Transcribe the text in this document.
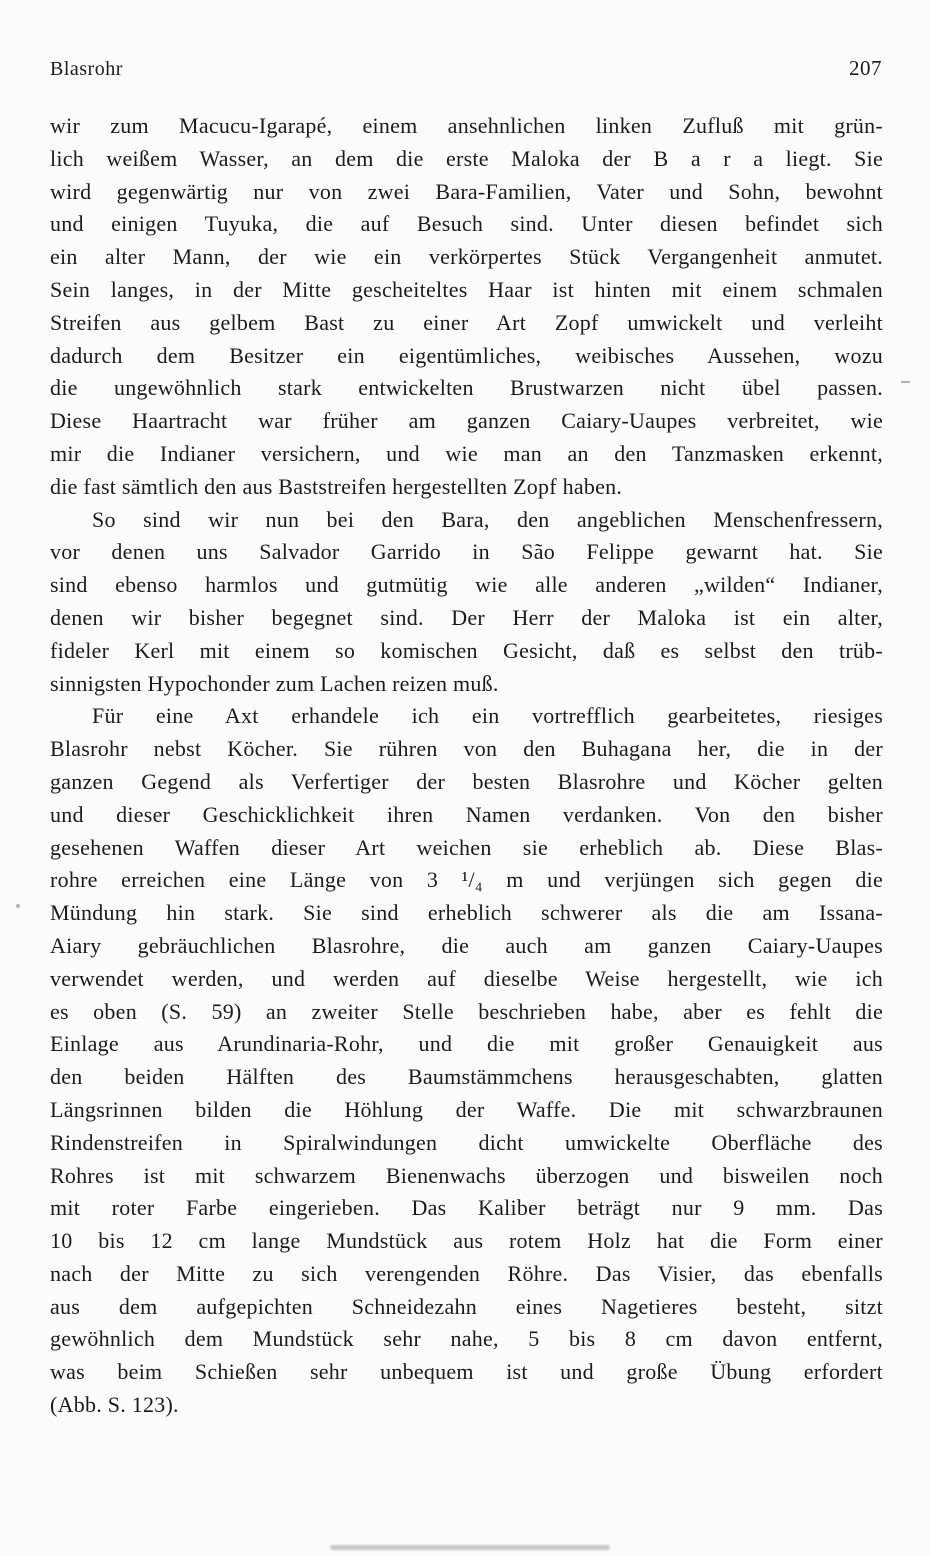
Blasrohr	207
wir zum Macucu-Igarapé, einem ansehnlichen linken Zufluß mit grün-
lich weißem Wasser, an dem die erste Maloka der B a r a liegt. Sie
wird gegenwärtig nur von zwei Bara-Familien, Vater und Sohn, bewohnt
und einigen Tuyuka, die auf Besuch sind. Unter diesen befindet sich
ein alter Mann, der wie ein verkörpertes Stück Vergangenheit anmutet.
Sein langes, in der Mitte gescheiteltes Haar ist hinten mit einem schmalen
Streifen aus gelbem Bast zu einer Art Zopf umwickelt und verleiht
dadurch dem Besitzer ein eigentümliches, weibisches Aussehen, wozu
die ungewöhnlich stark entwickelten Brustwarzen nicht übel passen.
Diese Haartracht war früher am ganzen Caiary-Uaupes verbreitet, wie
mir die Indianer versichern, und wie man an den Tanzmasken erkennt,
die fast sämtlich den aus Baststreifen hergestellten Zopf haben.
So sind wir nun bei den Bara, den angeblichen Menschenfressern,
vor denen uns Salvador Garrido in São Felippe gewarnt hat. Sie
sind ebenso harmlos und gutmütig wie alle anderen „wilden“ Indianer,
denen wir bisher begegnet sind. Der Herr der Maloka ist ein alter,
fideler Kerl mit einem so komischen Gesicht, daß es selbst den trüb-
sinnigsten Hypochonder zum Lachen reizen muß.
Für eine Axt erhandele ich ein vortrefflich gearbeitetes, riesiges
Blasrohr nebst Köcher. Sie rühren von den Buhagana her, die in der
ganzen Gegend als Verfertiger der besten Blasrohre und Köcher gelten
und dieser Geschicklichkeit ihren Namen verdanken. Von den bisher
gesehenen Waffen dieser Art weichen sie erheblich ab. Diese Blas-
rohre erreichen eine Länge von 3 ¹/₄ m und verjüngen sich gegen die
Mündung hin stark. Sie sind erheblich schwerer als die am Issana-
Aiary gebräuchlichen Blasrohre, die auch am ganzen Caiary-Uaupes
verwendet werden, und werden auf dieselbe Weise hergestellt, wie ich
es oben (S. 59) an zweiter Stelle beschrieben habe, aber es fehlt die
Einlage aus Arundinaria-Rohr, und die mit großer Genauigkeit aus
den beiden Hälften des Baumstämmchens herausgeschabten, glatten
Längsrinnen bilden die Höhlung der Waffe. Die mit schwarzbraunen
Rindenstreifen in Spiralwindungen dicht umwickelte Oberfläche des
Rohres ist mit schwarzem Bienenwachs überzogen und bisweilen noch
mit roter Farbe eingerieben. Das Kaliber beträgt nur 9 mm. Das
10 bis 12 cm lange Mundstück aus rotem Holz hat die Form einer
nach der Mitte zu sich verengenden Röhre. Das Visier, das ebenfalls
aus dem aufgepichten Schneidezahn eines Nagetieres besteht, sitzt
gewöhnlich dem Mundstück sehr nahe, 5 bis 8 cm davon entfernt,
was beim Schießen sehr unbequem ist und große Übung erfordert
(Abb. S. 123).
